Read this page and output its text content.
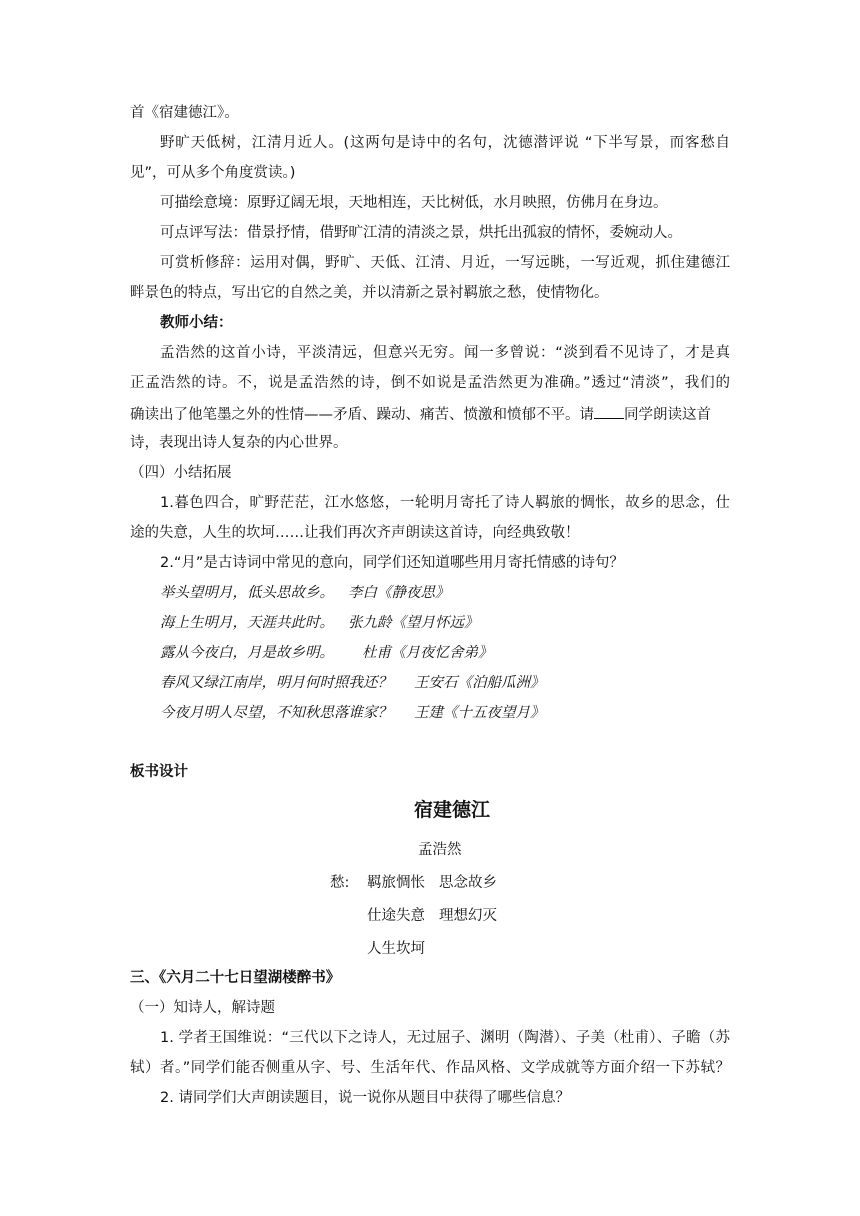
首《宿建德江》。
野旷天低树，江清月近人。(这两句是诗中的名句，沈德潜评说 “下半写景，而客愁自
见”，可从多个角度赏读。)
可描绘意境：原野辽阔无垠，天地相连，天比树低，水月映照，仿佛月在身边。
可点评写法：借景抒情，借野旷江清的清淡之景，烘托出孤寂的情怀，委婉动人。
可赏析修辞：运用对偶，野旷、天低、江清、月近，一写远眺，一写近观，抓住建德江
畔景色的特点，写出它的自然之美，并以清新之景衬羁旅之愁，使情物化。
教师小结：
孟浩然的这首小诗，平淡清远，但意兴无穷。闻一多曾说：“淡到看不见诗了，才是真
正孟浩然的诗。不，说是孟浩然的诗，倒不如说是孟浩然更为准确。”透过“清淡”，我们的
确读出了他笔墨之外的性情——矛盾、躁动、痛苦、愤激和愤郁不平。请 同学朗读这首
诗，表现出诗人复杂的内心世界。
（四）小结拓展
1.暮色四合，旷野茫茫，江水悠悠，一轮明月寄托了诗人羁旅的惆怅，故乡的思念，仕
途的失意，人生的坎坷……让我们再次齐声朗读这首诗，向经典致敬！
2.“月”是古诗词中常见的意向，同学们还知道哪些用月寄托情感的诗句？
举头望明月，低头思故乡。 李白《静夜思》
海上生明月，天涯共此时。 张九龄《望月怀远》
露从今夜白，月是故乡明。 杜甫《月夜忆舍弟》
春风又绿江南岸，明月何时照我还？ 王安石《泊船瓜洲》
今夜月明人尽望，不知秋思落谁家？ 王建《十五夜望月》
板书设计
宿建德江
孟浩然
愁: 羁旅惆怅 思念故乡
仕途失意 理想幻灭
人生坎坷
三、《六月二十七日望湖楼醉书》
（一）知诗人，解诗题
1. 学者王国维说：“三代以下之诗人，无过屈子、渊明（陶潜）、子美（杜甫）、子瞻（苏
轼）者。”同学们能否侧重从字、号、生活年代、作品风格、文学成就等方面介绍一下苏轼？
2. 请同学们大声朗读题目，说一说你从题目中获得了哪些信息？
